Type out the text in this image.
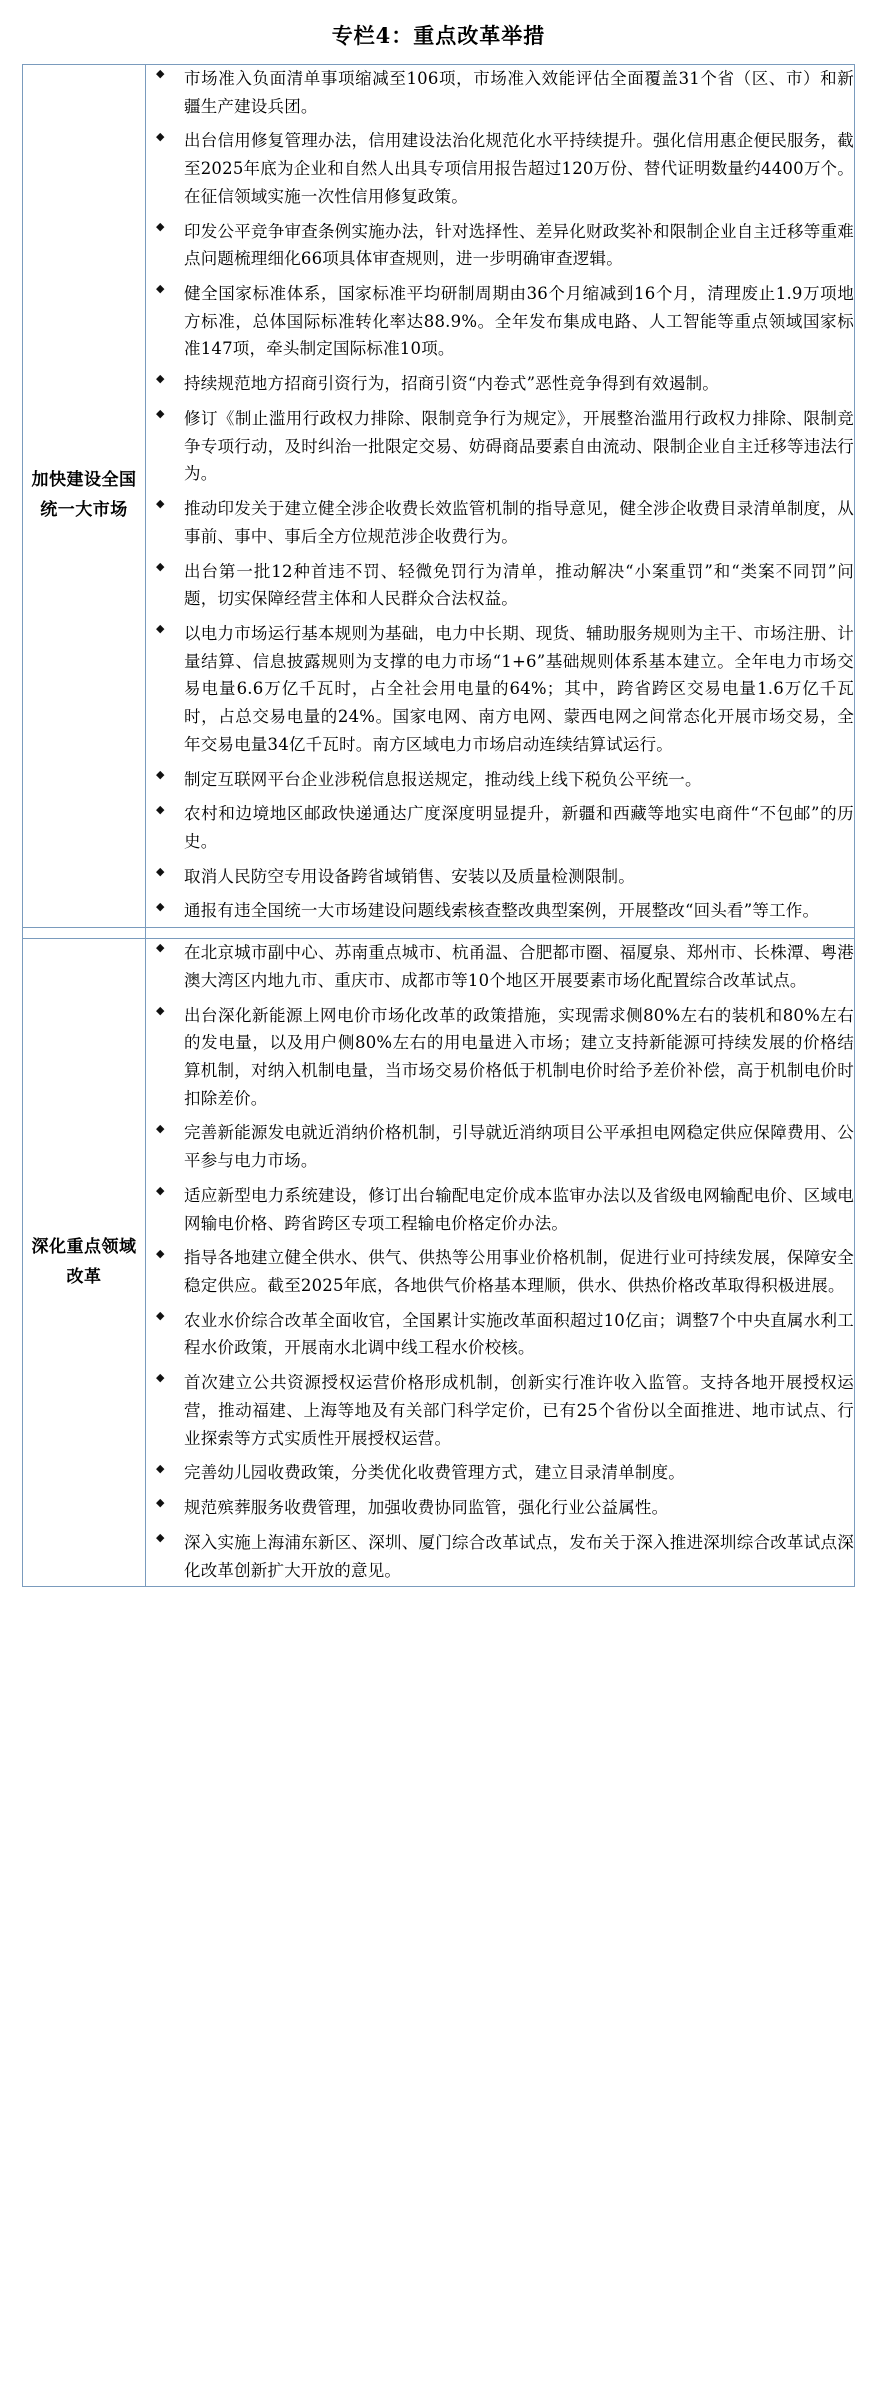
专栏4：重点改革举措
加快建设全国统一大市场	
◆ 市场准入负面清单事项缩减至106项，市场准入效能评估全面覆盖31个省（区、市）和新疆生产建设兵团。
◆ 出台信用修复管理办法，信用建设法治化规范化水平持续提升。强化信用惠企便民服务，截至2025年底为企业和自然人出具专项信用报告超过120万份、替代证明数量约4400万个。在征信领域实施一次性信用修复政策。
◆ 印发公平竞争审查条例实施办法，针对选择性、差异化财政奖补和限制企业自主迁移等重难点问题梳理细化66项具体审查规则，进一步明确审查逻辑。
◆ 健全国家标准体系，国家标准平均研制周期由36个月缩减到16个月，清理废止1.9万项地方标准，总体国际标准转化率达88.9%。全年发布集成电路、人工智能等重点领域国家标准147项，牵头制定国际标准10项。
◆ 持续规范地方招商引资行为，招商引资“内卷式”恶性竞争得到有效遏制。
◆ 修订《制止滥用行政权力排除、限制竞争行为规定》，开展整治滥用行政权力排除、限制竞争专项行动，及时纠治一批限定交易、妨碍商品要素自由流动、限制企业自主迁移等违法行为。
◆ 推动印发关于建立健全涉企收费长效监管机制的指导意见，健全涉企收费目录清单制度，从事前、事中、事后全方位规范涉企收费行为。
◆ 出台第一批12种首违不罚、轻微免罚行为清单，推动解决“小案重罚”和“类案不同罚”问题，切实保障经营主体和人民群众合法权益。
◆ 以电力市场运行基本规则为基础，电力中长期、现货、辅助服务规则为主干、市场注册、计量结算、信息披露规则为支撑的电力市场“1+6”基础规则体系基本建立。全年电力市场交易电量6.6万亿千瓦时，占全社会用电量的64%；其中，跨省跨区交易电量1.6万亿千瓦时，占总交易电量的24%。国家电网、南方电网、蒙西电网之间常态化开展市场交易，全年交易电量34亿千瓦时。南方区域电力市场启动连续结算试运行。
◆ 制定互联网平台企业涉税信息报送规定，推动线上线下税负公平统一。
◆ 农村和边境地区邮政快递通达广度深度明显提升，新疆和西藏等地实电商件“不包邮”的历史。
◆ 取消人民防空专用设备跨省域销售、安装以及质量检测限制。
◆ 通报有违全国统一大市场建设问题线索核查整改典型案例，开展整改“回头看”等工作。

深化重点领域改革	
◆ 在北京城市副中心、苏南重点城市、杭甬温、合肥都市圈、福厦泉、郑州市、长株潭、粤港澳大湾区内地九市、重庆市、成都市等10个地区开展要素市场化配置综合改革试点。
◆ 出台深化新能源上网电价市场化改革的政策措施，实现需求侧80%左右的装机和80%左右的发电量，以及用户侧80%左右的用电量进入市场；建立支持新能源可持续发展的价格结算机制，对纳入机制电量，当市场交易价格低于机制电价时给予差价补偿，高于机制电价时扣除差价。
◆ 完善新能源发电就近消纳价格机制，引导就近消纳项目公平承担电网稳定供应保障费用、公平参与电力市场。
◆ 适应新型电力系统建设，修订出台输配电定价成本监审办法以及省级电网输配电价、区域电网输电价格、跨省跨区专项工程输电价格定价办法。
◆ 指导各地建立健全供水、供气、供热等公用事业价格机制，促进行业可持续发展，保障安全稳定供应。截至2025年底，各地供气价格基本理顺，供水、供热价格改革取得积极进展。
◆ 农业水价综合改革全面收官，全国累计实施改革面积超过10亿亩；调整7个中央直属水利工程水价政策，开展南水北调中线工程水价校核。
◆ 首次建立公共资源授权运营价格形成机制，创新实行准许收入监管。支持各地开展授权运营，推动福建、上海等地及有关部门科学定价，已有25个省份以全面推进、地市试点、行业探索等方式实质性开展授权运营。
◆ 完善幼儿园收费政策，分类优化收费管理方式，建立目录清单制度。
◆ 规范殡葬服务收费管理，加强收费协同监管，强化行业公益属性。
◆ 深入实施上海浦东新区、深圳、厦门综合改革试点，发布关于深入推进深圳综合改革试点深化改革创新扩大开放的意见。
